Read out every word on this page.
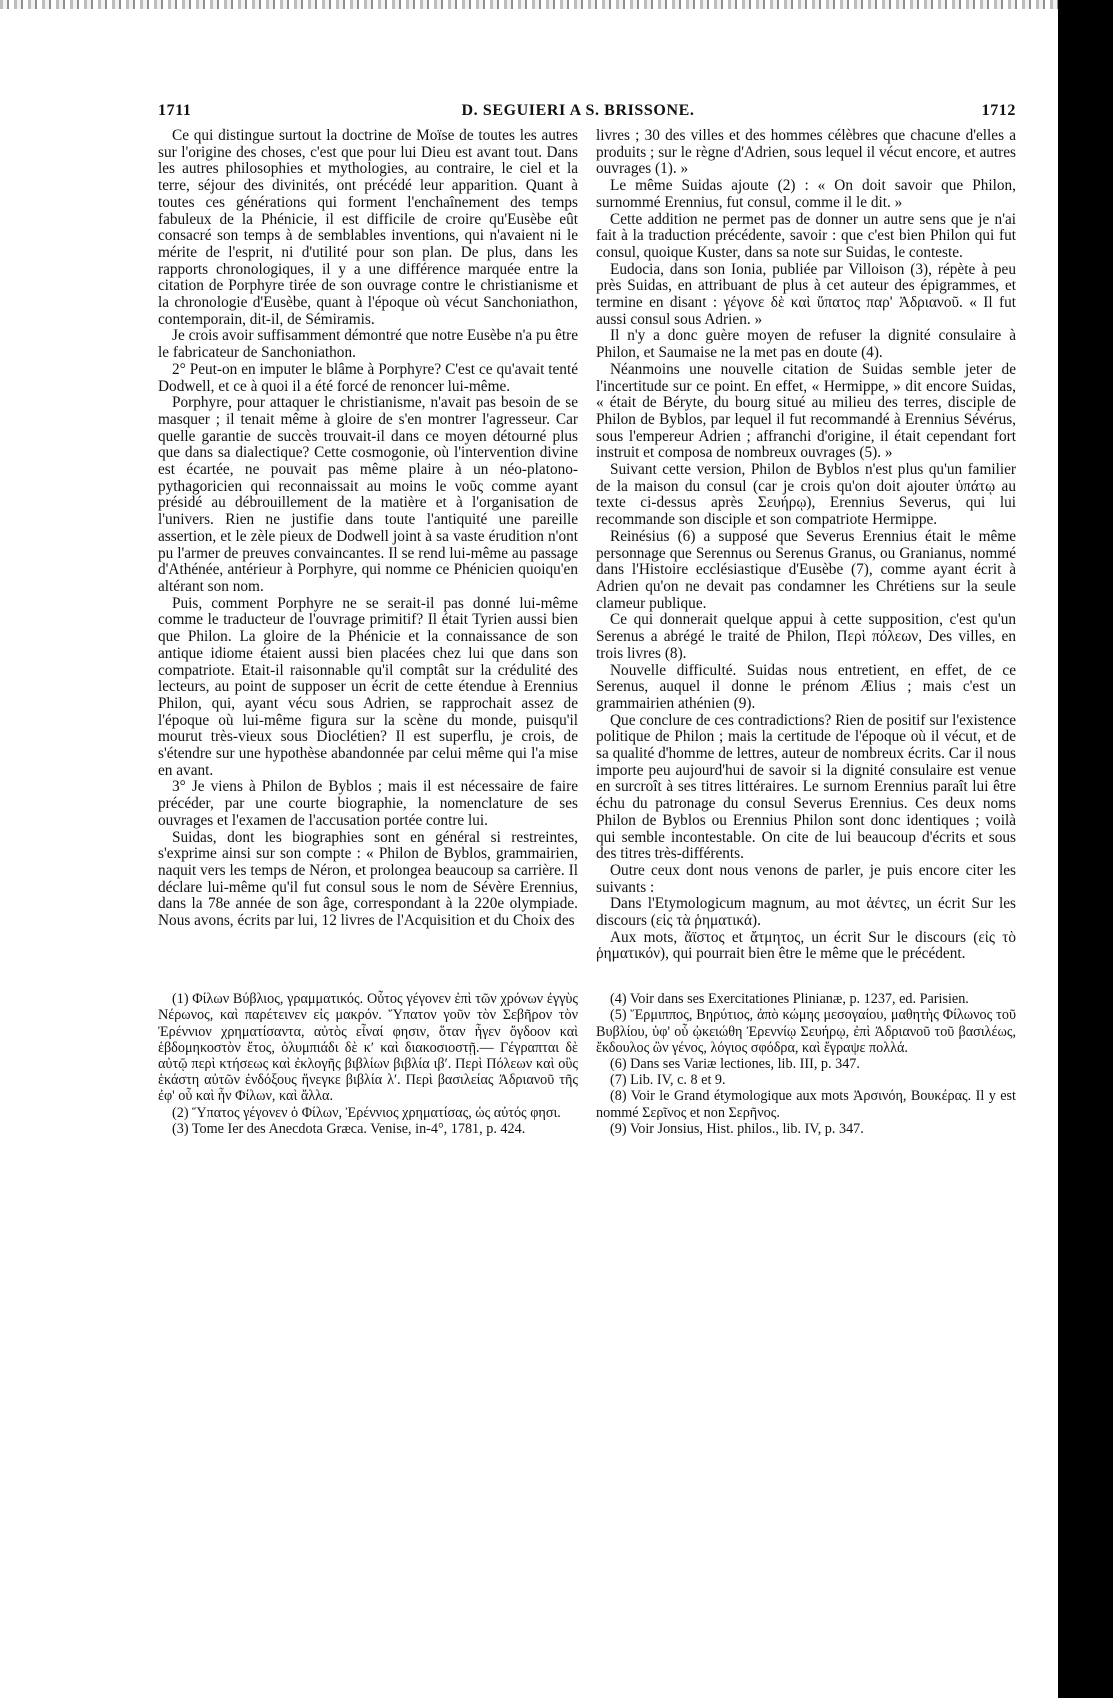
1711	D. SEGUIERI A S. BRISSONE.	1712

Ce qui distingue surtout la doctrine de Moïse de toutes les autres sur l'origine des choses, c'est que pour lui Dieu est avant tout. Dans les autres philosophies et mythologies, au contraire, le ciel et la terre, séjour des divinités, ont précédé leur apparition. Quant à toutes ces générations qui forment l'enchaînement des temps fabuleux de la Phénicie, il est difficile de croire qu'Eusèbe eût consacré son temps à de semblables inventions, qui n'avaient ni le mérite de l'esprit, ni d'utilité pour son plan. De plus, dans les rapports chronologiques, il y a une différence marquée entre la citation de Porphyre tirée de son ouvrage contre le christianisme et la chronologie d'Eusèbe, quant à l'époque où vécut Sanchoniathon, contemporain, dit-il, de Sémiramis.

Je crois avoir suffisamment démontré que notre Eusèbe n'a pu être le fabricateur de Sanchoniathon.

2° Peut-on en imputer le blâme à Porphyre? C'est ce qu'avait tenté Dodwell, et ce à quoi il a été forcé de renoncer lui-même.

Porphyre, pour attaquer le christianisme, n'avait pas besoin de se masquer ; il tenait même à gloire de s'en montrer l'agresseur. Car quelle garantie de succès trouvait-il dans ce moyen détourné plus que dans sa dialectique? Cette cosmogonie, où l'intervention divine est écartée, ne pouvait pas même plaire à un néo-platono-pythagoricien qui reconnaissait au moins le νοῦς comme ayant présidé au débrouillement de la matière et à l'organisation de l'univers. Rien ne justifie dans toute l'antiquité une pareille assertion, et le zèle pieux de Dodwell joint à sa vaste érudition n'ont pu l'armer de preuves convaincantes. Il se rend lui-même au passage d'Athénée, antérieur à Porphyre, qui nomme ce Phénicien quoiqu'en altérant son nom.

Puis, comment Porphyre ne se serait-il pas donné lui-même comme le traducteur de l'ouvrage primitif? Il était Tyrien aussi bien que Philon. La gloire de la Phénicie et la connaissance de son antique idiome étaient aussi bien placées chez lui que dans son compatriote. Etait-il raisonnable qu'il comptât sur la crédulité des lecteurs, au point de supposer un écrit de cette étendue à Erennius Philon, qui, ayant vécu sous Adrien, se rapprochait assez de l'époque où lui-même figura sur la scène du monde, puisqu'il mourut très-vieux sous Dioclétien? Il est superflu, je crois, de s'étendre sur une hypothèse abandonnée par celui même qui l'a mise en avant.

3° Je viens à Philon de Byblos ; mais il est nécessaire de faire précéder, par une courte biographie, la nomenclature de ses ouvrages et l'examen de l'accusation portée contre lui.

Suidas, dont les biographies sont en général si restreintes, s'exprime ainsi sur son compte : « Philon de Byblos, grammairien, naquit vers les temps de Néron, et prolongea beaucoup sa carrière. Il déclare lui-même qu'il fut consul sous le nom de Sévère Erennius, dans la 78e année de son âge, correspondant à la 220e olympiade. Nous avons, écrits par lui, 12 livres de l'Acquisition et du Choix des

livres ; 30 des villes et des hommes célèbres que chacune d'elles a produits ; sur le règne d'Adrien, sous lequel il vécut encore, et autres ouvrages (1). »

Le même Suidas ajoute (2) : « On doit savoir que Philon, surnommé Erennius, fut consul, comme il le dit. »

Cette addition ne permet pas de donner un autre sens que je n'ai fait à la traduction précédente, savoir : que c'est bien Philon qui fut consul, quoique Kuster, dans sa note sur Suidas, le conteste.

Eudocia, dans son Ionia, publiée par Villoison (3), répète à peu près Suidas, en attribuant de plus à cet auteur des épigrammes, et termine en disant : γέγονε δὲ καὶ ὕπατος παρ' Ἀδριανοῦ. « Il fut aussi consul sous Adrien. »

Il n'y a donc guère moyen de refuser la dignité consulaire à Philon, et Saumaise ne la met pas en doute (4).

Néanmoins une nouvelle citation de Suidas semble jeter de l'incertitude sur ce point. En effet, « Hermippe, » dit encore Suidas, « était de Béryte, du bourg situé au milieu des terres, disciple de Philon de Byblos, par lequel il fut recommandé à Erennius Sévérus, sous l'empereur Adrien ; affranchi d'origine, il était cependant fort instruit et composa de nombreux ouvrages (5). »

Suivant cette version, Philon de Byblos n'est plus qu'un familier de la maison du consul (car je crois qu'on doit ajouter ὑπάτῳ au texte ci-dessus après Σευήρῳ), Erennius Severus, qui lui recommande son disciple et son compatriote Hermippe.

Reinésius (6) a supposé que Severus Erennius était le même personnage que Serennus ou Serenus Granus, ou Granianus, nommé dans l'Histoire ecclésiastique d'Eusèbe (7), comme ayant écrit à Adrien qu'on ne devait pas condamner les Chrétiens sur la seule clameur publique.

Ce qui donnerait quelque appui à cette supposition, c'est qu'un Serenus a abrégé le traité de Philon, Περὶ πόλεων, Des villes, en trois livres (8).

Nouvelle difficulté. Suidas nous entretient, en effet, de ce Serenus, auquel il donne le prénom Ælius ; mais c'est un grammairien athénien (9).

Que conclure de ces contradictions? Rien de positif sur l'existence politique de Philon ; mais la certitude de l'époque où il vécut, et de sa qualité d'homme de lettres, auteur de nombreux écrits. Car il nous importe peu aujourd'hui de savoir si la dignité consulaire est venue en surcroît à ses titres littéraires. Le surnom Erennius paraît lui être échu du patronage du consul Severus Erennius. Ces deux noms Philon de Byblos ou Erennius Philon sont donc identiques ; voilà qui semble incontestable. On cite de lui beaucoup d'écrits et sous des titres très-différents.

Outre ceux dont nous venons de parler, je puis encore citer les suivants :

Dans l'Etymologicum magnum, au mot ἀέντες, un écrit Sur les discours (εἰς τὰ ῥηματικά).

Aux mots, ἄϊστος et ἄτμητος, un écrit Sur le discours (εἰς τὸ ῥηματικόν), qui pourrait bien être le même que le précédent.

(1) Φίλων Βύβλιος, γραμματικός. Οὗτος γέγονεν ἐπὶ τῶν χρόνων ἐγγὺς Νέρωνος, καὶ παρέτεινεν εἰς μακρόν. Ὕπατον γοῦν τὸν Σεβῆρον τὸν Ἐρέννιον χρηματίσαντα, αὐτὸς εἶναί φησιν, ὅταν ἦγεν ὄγδοον καὶ ἑβδομηκοστὸν ἔτος, ὀλυμπιάδι δὲ κʹ καὶ διακοσιοστῇ.— Γέγραπται δὲ αὐτῷ περὶ κτήσεως καὶ ἐκλογῆς βιβλίων βιβλία ιβʹ. Περὶ Πόλεων καὶ οὓς ἑκάστη αὐτῶν ἐνδόξους ἤνεγκε βιβλία λʹ. Περὶ βασιλείας Ἀδριανοῦ τῆς ἐφ' οὗ καὶ ἦν Φίλων, καὶ ἄλλα.

(2) Ὕπατος γέγονεν ὁ Φίλων, Ἐρέννιος χρηματίσας, ὡς αὐτός φησι.

(3) Tome Ier des Anecdota Græca. Venise, in-4°, 1781, p. 424.

(4) Voir dans ses Exercitationes Plinianæ, p. 1237, ed. Parisien.

(5) Ἕρμιππος, Βηρύτιος, ἀπὸ κώμης μεσογαίου, μαθητὴς Φίλωνος τοῦ Βυβλίου, ὑφ' οὗ ᾠκειώθη Ἐρεννίῳ Σευήρῳ, ἐπὶ Ἀδριανοῦ τοῦ βασιλέως, ἔκδουλος ὢν γένος, λόγιος σφόδρα, καὶ ἔγραψε πολλά.

(6) Dans ses Variæ lectiones, lib. III, p. 347.

(7) Lib. IV, c. 8 et 9.

(8) Voir le Grand étymologique aux mots Ἀρσινόη, Βουκέρας. Il y est nommé Σερῖνος et non Σερῆνος.

(9) Voir Jonsius, Hist. philos., lib. IV, p. 347.
